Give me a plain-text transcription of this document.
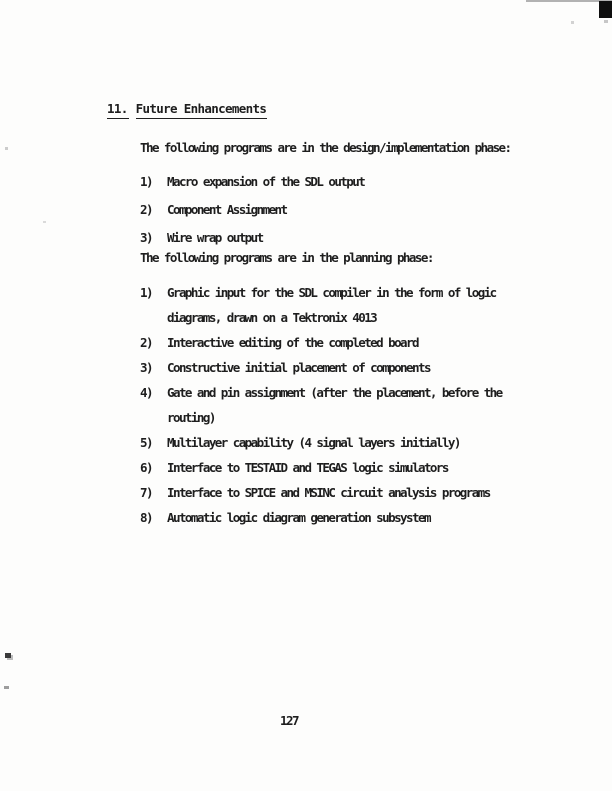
11. Future Enhancements
The following programs are in the design/implementation phase:
1)	Macro expansion of the SDL output
2)	Component Assignment
3)	Wire wrap output
The following programs are in the planning phase:
1)	Graphic input for the SDL compiler in the form of logic
diagrams, drawn on a Tektronix 4013
2)	Interactive editing of the completed board
3)	Constructive initial placement of components
4)	Gate and pin assignment (after the placement, before the
routing)
5)	Multilayer capability (4 signal layers initially)
6)	Interface to TESTAID and TEGAS logic simulators
7)	Interface to SPICE and MSINC circuit analysis programs
8)	Automatic logic diagram generation subsystem
127
